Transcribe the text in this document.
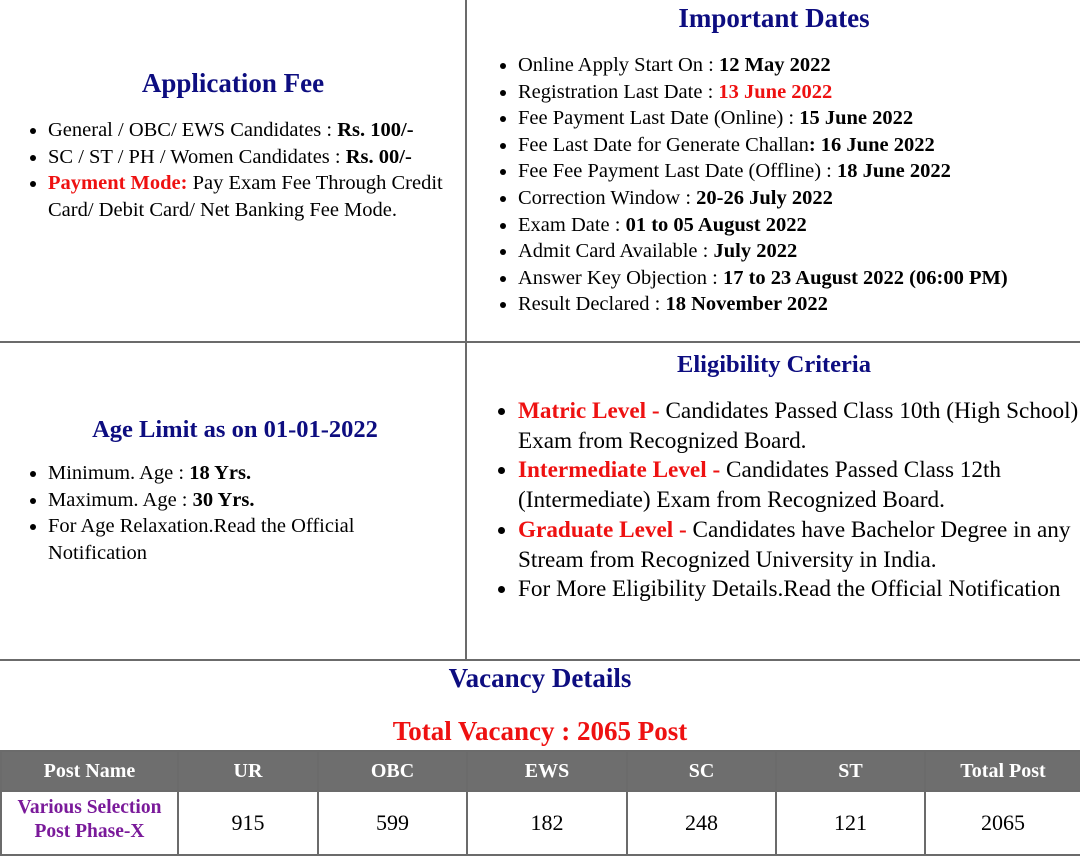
Application Fee
• General / OBC/ EWS Candidates : Rs. 100/-
• SC / ST / PH / Women Candidates : Rs. 00/-
• Payment Mode: Pay Exam Fee Through Credit Card/ Debit Card/ Net Banking Fee Mode.
Important Dates
• Online Apply Start On : 12 May 2022
• Registration Last Date : 13 June 2022
• Fee Payment Last Date (Online) : 15 June 2022
• Fee Last Date for Generate Challan: 16 June 2022
• Fee Fee Payment Last Date (Offline) : 18 June 2022
• Correction Window : 20-26 July 2022
• Exam Date : 01 to 05 August 2022
• Admit Card Available : July 2022
• Answer Key Objection : 17 to 23 August 2022 (06:00 PM)
• Result Declared : 18 November 2022
Age Limit as on 01-01-2022
• Minimum. Age : 18 Yrs.
• Maximum. Age : 30 Yrs.
• For Age Relaxation.Read the Official Notification
Eligibility Criteria
• Matric Level - Candidates Passed Class 10th (High School) Exam from Recognized Board.
• Intermediate Level - Candidates Passed Class 12th (Intermediate) Exam from Recognized Board.
• Graduate Level - Candidates have Bachelor Degree in any Stream from Recognized University in India.
• For More Eligibility Details.Read the Official Notification
Vacancy Details
Total Vacancy : 2065 Post
Post Name	UR	OBC	EWS	SC	ST	Total Post
Various Selection Post Phase-X	915	599	182	248	121	2065
